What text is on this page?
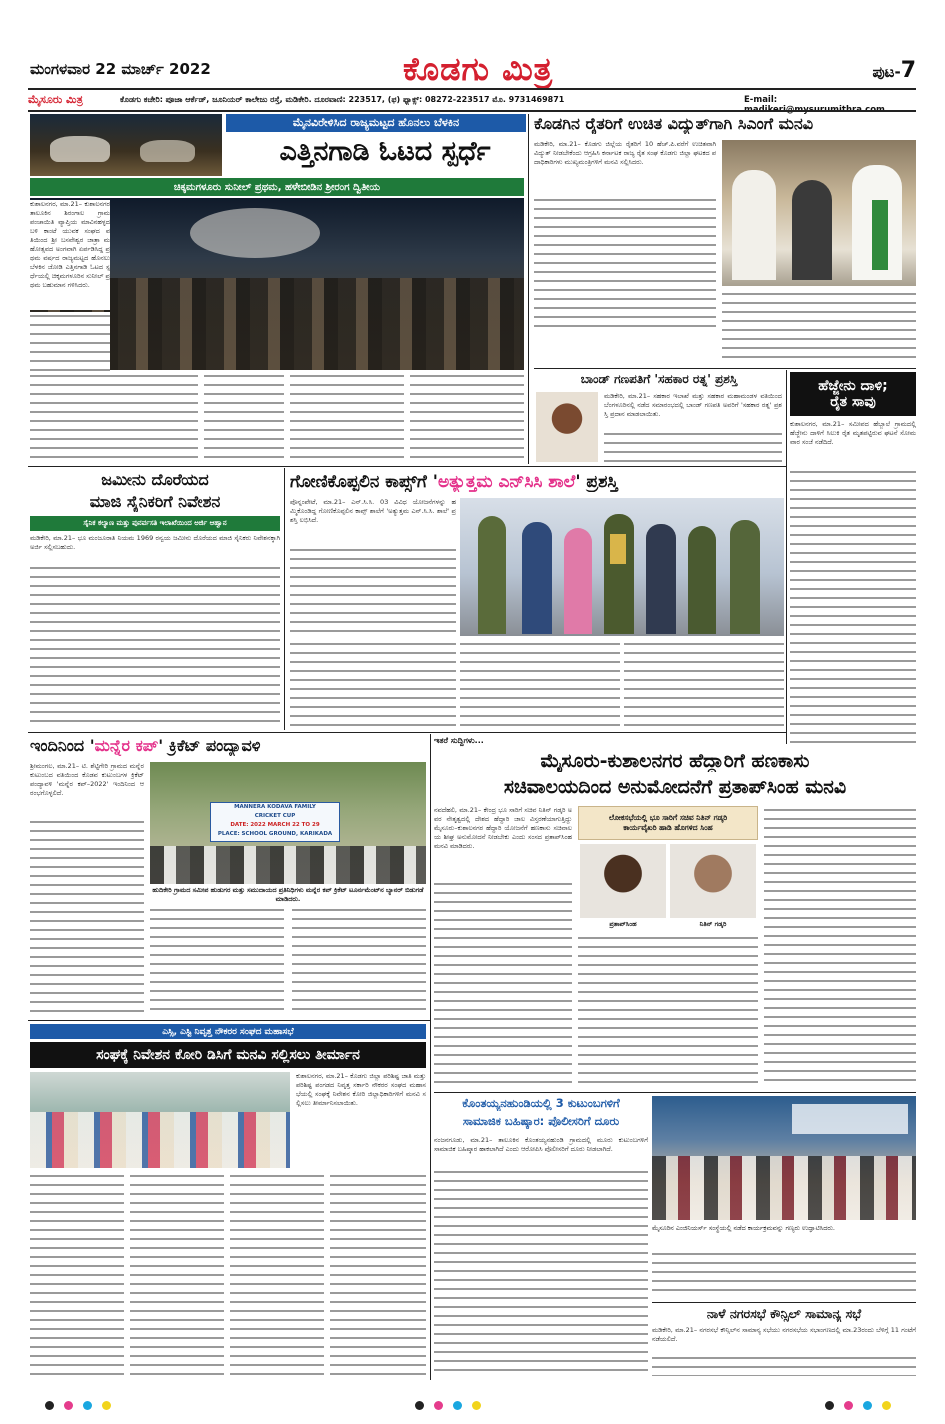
ಮಂಗಳವಾರ 22 ಮಾರ್ಚ್ 2022	ಕೊಡಗು ಮಿತ್ರ	ಪುಟ-7
ಮೈಸೂರು ಮಿತ್ರ	ಕೊಡಗು ಕಚೇರಿ: ಪೂಜಾ ಆರ್ಕೆಡ್, ಜೂನಿಯರ್ ಕಾಲೇಜು ರಸ್ತೆ, ಮಡಿಕೇರಿ. ದೂರವಾಣಿ: 223517, (ಫ) ಫ್ಯಾಕ್ಸ್: 08272-223517 ಮೊ. 9731469871	E-mail:
ಮೈನವಿರೇಳಿಸಿದ ರಾಜ್ಯಮಟ್ಟದ ಹೊನಲು ಬೆಳಕಿನ
ಎತ್ತಿನಗಾಡಿ ಓಟದ ಸ್ಪರ್ಧೆ
ಚಿಕ್ಕಮಗಳೂರು ಸುನೀಲ್ ಪ್ರಥಮ, ಹಳೇಬೀಡಿನ ಶ್ರೀರಂಗ ದ್ವಿತೀಯ
ಕುಶಾಲನಗರ, ಮಾ.21– ಕುಶಾಲನಗರ ತಾಲೂಕಿನ ಶಿರಂಗಾಲ ಗ್ರಾಮ ಪಂಚಾಯಿತಿ ವ್ಯಾಪ್ತಿಯ ಮಾವಿನಹಳ್ಳದ ಬಳಿ ಕಾಂಟೆ ಯುವಕ ಸಂಘದ ವತಿಯಿಂದ ಶ್ರೀ ಬಸವೇಶ್ವರ ಜಾತ್ರಾ ಮಹೋತ್ಸವದ ಅಂಗವಾಗಿ ಏರ್ಪಡಿಸಿದ್ದ ಪ್ರಥಮ ವರ್ಷದ ರಾಜ್ಯಮಟ್ಟದ ಹೊನಲು ಬೆಳಕಿನ ಜೋಡಿ ಎತ್ತಿನಗಾಡಿ ಓಟದ ಸ್ಪರ್ಧೆಯಲ್ಲಿ ಚಿಕ್ಕಮಗಳೂರಿನ ಸುನೀಲ್ ಪ್ರಥಮ ಬಹುಮಾನ ಗಳಿಸಿದರು.
ಕೊಡಗಿನ ರೈತರಿಗೆ ಉಚಿತ ವಿದ್ಯುತ್‌ಗಾಗಿ ಸಿಎಂಗೆ ಮನವಿ
ಮಡಿಕೇರಿ, ಮಾ.21– ಕೊಡಗು ಜಿಲ್ಲೆಯ ರೈತರಿಗೆ 10 ಹೆಚ್.ಪಿ.ವರೆಗೆ ಉಚಿತವಾಗಿ ವಿದ್ಯುತ್ ನೀಡಬೇಕೆಂದು ಆಗ್ರಹಿಸಿ ಕರ್ನಾಟಕ ರಾಜ್ಯ ರೈತ ಸಂಘ ಕೊಡಗು ಜಿಲ್ಲಾ ಘಟಕದ ಪದಾಧಿಕಾರಿಗಳು ಮುಖ್ಯಮಂತ್ರಿಗಳಿಗೆ ಮನವಿ ಸಲ್ಲಿಸಿದರು.
ಬಾಂಡ್ ಗಣಪತಿಗೆ 'ಸಹಕಾರ ರತ್ನ' ಪ್ರಶಸ್ತಿ
ಮಡಿಕೇರಿ, ಮಾ.21– ಸಹಕಾರ ಇಲಾಖೆ ಮತ್ತು ಸಹಕಾರ ಮಹಾಮಂಡಳ ವತಿಯಿಂದ ಬೆಂಗಳೂರಿನಲ್ಲಿ ನಡೆದ ಸಮಾರಂಭದಲ್ಲಿ ಬಾಂಡ್ ಗಣಪತಿ ಅವರಿಗೆ 'ಸಹಕಾರ ರತ್ನ' ಪ್ರಶಸ್ತಿ ಪ್ರದಾನ ಮಾಡಲಾಯಿತು.
ಹೆಜ್ಜೇನು ದಾಳಿ;
ರೈತ ಸಾವು
ಕುಶಾಲನಗರ, ಮಾ.21– ಸಮೀಪದ ಹೆಬ್ಬಾಲೆ ಗ್ರಾಮದಲ್ಲಿ ಹೆಜ್ಜೇನು ದಾಳಿಗೆ ಸಿಲುಕಿ ರೈತ ಮೃತಪಟ್ಟಿರುವ ಘಟನೆ ಸೋಮವಾರ ಸಂಜೆ ನಡೆದಿದೆ.
ಜಮೀನು ದೊರೆಯದ
ಮಾಜಿ ಸೈನಿಕರಿಗೆ ನಿವೇಶನ
ಸೈನಿಕ ಕಲ್ಯಾಣ ಮತ್ತು ಪುನರ್ವಸತಿ ಇಲಾಖೆಯಿಂದ ಅರ್ಜಿ ಆಹ್ವಾನ
ಮಡಿಕೇರಿ, ಮಾ.21– ಭೂ ಮಂಜೂರಾತಿ ನಿಯಮ 1969 ರನ್ವಯ ಜಮೀನು ದೊರೆಯದ ಮಾಜಿ ಸೈನಿಕರು ನಿವೇಶನಕ್ಕಾಗಿ ಅರ್ಜಿ ಸಲ್ಲಿಸಬಹುದು.
ಗೋಣಿಕೊಪ್ಪಲಿನ ಕಾಪ್ಸ್‌ಗೆ 'ಅತ್ಯುತ್ತಮ ಎನ್‌ಸಿಸಿ ಶಾಲೆ' ಪ್ರಶಸ್ತಿ
ಪೊನ್ನಂಪೇಟೆ, ಮಾ.21– ಎನ್.ಸಿ.ಸಿ. 03 ವಿವಿಧ ಯೋಜನೆಗಳನ್ನು ಹಮ್ಮಿಕೊಂಡಿದ್ದ ಗೋಣಿಕೊಪ್ಪಲಿನ ಕಾಪ್ಸ್ ಶಾಲೆಗೆ 'ಅತ್ಯುತ್ತಮ ಎನ್.ಸಿ.ಸಿ. ಶಾಲೆ' ಪ್ರಶಸ್ತಿ ಲಭಿಸಿದೆ.
ಇಂದಿನಿಂದ 'ಮನ್ನೆರ ಕಪ್' ಕ್ರಿಕೆಟ್ ಪಂದ್ಯಾವಳಿ
ಶ್ರೀಮಂಗಲ, ಮಾ.21– ಟಿ. ಶೆಟ್ಟಿಗೇರಿ ಗ್ರಾಮದ ಮನ್ನೆರ ಕುಟುಂಬದ ವತಿಯಿಂದ ಕೊಡವ ಕುಟುಂಬಗಳ ಕ್ರಿಕೆಟ್ ಪಂದ್ಯಾವಳಿ 'ಮನ್ನೆರ ಕಪ್–2022' ಇಂದಿನಿಂದ ಆರಂಭಗೊಳ್ಳಲಿದೆ.
MANNERA KODAVA FAMILY
CRICKET CUP
DATE: 2022 MARCH 22 TO 29
PLACE: SCHOOL GROUND, KARIKADA
ಹುದಿಕೇರಿ ಗ್ರಾಮದ ಸಮೀಪ ಹುಡುಗರ ಮತ್ತು ಸಮುದಾಯದ ಪ್ರತಿನಿಧಿಗಳು ಮನ್ನೆರ ಕಪ್ ಕ್ರಿಕೆಟ್ ಟೂರ್ನಮೆಂಟ್‌ನ ಬ್ಯಾನರ್ ಬಿಡುಗಡೆ ಮಾಡಿದರು.
ಇತರೆ ಸುದ್ದಿಗಳು...
ಮೈಸೂರು-ಕುಶಾಲನಗರ ಹೆದ್ದಾರಿಗೆ ಹಣಕಾಸು
ಸಚಿವಾಲಯದಿಂದ ಅನುಮೋದನೆಗೆ ಪ್ರತಾಪ್‌ಸಿಂಹ ಮನವಿ
ನವದೆಹಲಿ, ಮಾ.21– ಕೇಂದ್ರ ಭೂ ಸಾರಿಗೆ ಸಚಿವ ನಿತಿನ್ ಗಡ್ಕರಿ ಅವರ ನೇತೃತ್ವದಲ್ಲಿ ದೇಶದ ಹೆದ್ದಾರಿ ಜಾಲ ವಿಸ್ತರಣೆಯಾಗುತ್ತಿದ್ದು ಮೈಸೂರು–ಕುಶಾಲನಗರ ಹೆದ್ದಾರಿ ಯೋಜನೆಗೆ ಹಣಕಾಸು ಸಚಿವಾಲಯ ಶೀಘ್ರ ಅನುಮೋದನೆ ನೀಡಬೇಕು ಎಂದು ಸಂಸದ ಪ್ರತಾಪ್‌ಸಿಂಹ ಮನವಿ ಮಾಡಿದರು.
ಲೋಕಸಭೆಯಲ್ಲಿ ಭೂ ಸಾರಿಗೆ ಸಚಿವ ನಿತಿನ್ ಗಡ್ಕರಿ
ಕಾರ್ಯವೈಖರಿ ಹಾಡಿ ಹೊಗಳಿದ ಸಿಂಹ
ಪ್ರತಾಪ್‌ಸಿಂಹ	ನಿತಿನ್ ಗಡ್ಕರಿ
ಎಸ್ಸಿ, ಎಸ್ಟಿ ನಿವೃತ್ತ ನೌಕರರ ಸಂಘದ ಮಹಾಸಭೆ
ಸಂಘಕ್ಕೆ ನಿವೇಶನ ಕೋರಿ ಡಿಸಿಗೆ ಮನವಿ ಸಲ್ಲಿಸಲು ತೀರ್ಮಾನ
ಕುಶಾಲನಗರ, ಮಾ.21– ಕೊಡಗು ಜಿಲ್ಲಾ ಪರಿಶಿಷ್ಟ ಜಾತಿ ಮತ್ತು ಪರಿಶಿಷ್ಟ ಪಂಗಡದ ನಿವೃತ್ತ ಸರ್ಕಾರಿ ನೌಕರರ ಸಂಘದ ಮಹಾಸಭೆಯಲ್ಲಿ ಸಂಘಕ್ಕೆ ನಿವೇಶನ ಕೋರಿ ಜಿಲ್ಲಾಧಿಕಾರಿಗಳಿಗೆ ಮನವಿ ಸಲ್ಲಿಸಲು ತೀರ್ಮಾನಿಸಲಾಯಿತು.	ಕೊಂತಯ್ಯನಹುಂಡಿಯಲ್ಲಿ 3 ಕುಟುಂಬಗಳಿಗೆ
ಸಾಮಾಜಿಕ ಬಹಿಷ್ಕಾರ: ಪೊಲೀಸರಿಗೆ ದೂರು
ನಂಜನಗೂಡು, ಮಾ.21– ತಾಲೂಕಿನ ಕೊಂತಯ್ಯನಹುಂಡಿ ಗ್ರಾಮದಲ್ಲಿ ಮೂರು ಕುಟುಂಬಗಳಿಗೆ ಸಾಮಾಜಿಕ ಬಹಿಷ್ಕಾರ ಹಾಕಲಾಗಿದೆ ಎಂದು ಆರೋಪಿಸಿ ಪೊಲೀಸರಿಗೆ ದೂರು ನೀಡಲಾಗಿದೆ.
ಮೈಸೂರಿನ ಎಂಜಿನಿಯರ್ಸ್ ಸಂಸ್ಥೆಯಲ್ಲಿ ನಡೆದ ಕಾರ್ಯಕ್ರಮವನ್ನು ಗಣ್ಯರು ಉದ್ಘಾಟಿಸಿದರು.
ನಾಳೆ ನಗರಸಭೆ ಕೌನ್ಸಿಲ್ ಸಾಮಾನ್ಯ ಸಭೆ
ಮಡಿಕೇರಿ, ಮಾ.21– ನಗರಸಭೆ ಕೌನ್ಸಿಲ್‌ನ ಸಾಮಾನ್ಯ ಸಭೆಯು ನಗರಸಭೆಯ ಸಭಾಂಗಣದಲ್ಲಿ ಮಾ.23ರಂದು ಬೆಳಿಗ್ಗೆ 11 ಗಂಟೆಗೆ ನಡೆಯಲಿದೆ.
